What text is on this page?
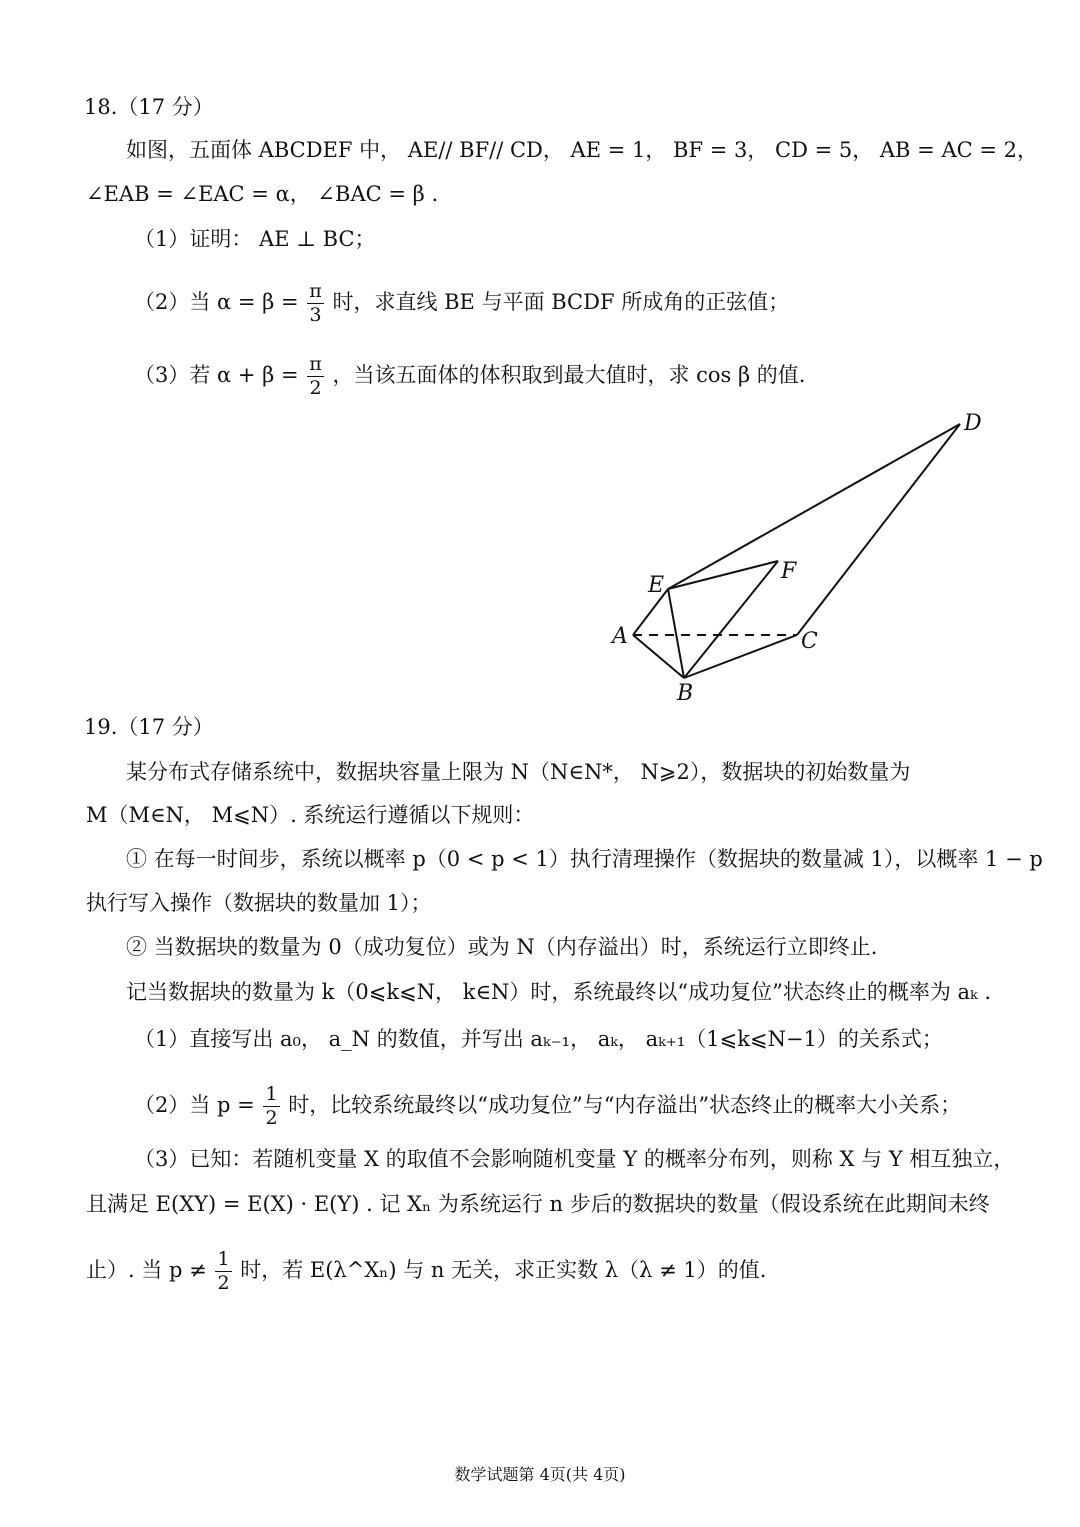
18.（17 分）
如图，五面体 ABCDEF 中， AE// BF// CD， AE = 1， BF = 3， CD = 5， AB = AC = 2，
∠EAB = ∠EAC = α， ∠BAC = β .
（1）证明： AE ⊥ BC；
（2）当 $\alpha = \beta = \frac{\pi}{3}$ 时，求直线 BE 与平面 BCDF 所成角的正弦值；
（3）若 $\alpha + \beta = \frac{\pi}{2}$ ，当该五面体的体积取到最大值时，求 cos β 的值.
D
F
E
A	C
B
19.（17 分）
某分布式存储系统中，数据块容量上限为 N（N∈N*， N⩾2），数据块的初始数量为
M（M∈N， M⩽N）. 系统运行遵循以下规则：
① 在每一时间步，系统以概率 p（0 < p < 1）执行清理操作（数据块的数量减 1），以概率 1 − p
执行写入操作（数据块的数量加 1）；
② 当数据块的数量为 0（成功复位）或为 N（内存溢出）时，系统运行立即终止.
记当数据块的数量为 k（0⩽k⩽N， k∈N）时，系统最终以“成功复位”状态终止的概率为 aₖ .
（1）直接写出 a₀， a_N 的数值，并写出 aₖ₋₁， aₖ， aₖ₊₁（1⩽k⩽N−1）的关系式；
（2）当 $p = \frac{1}{2}$ 时，比较系统最终以“成功复位”与“内存溢出”状态终止的概率大小关系；
（3）已知：若随机变量 X 的取值不会影响随机变量 Y 的概率分布列，则称 X 与 Y 相互独立，
且满足 E(XY) = E(X) · E(Y) . 记 Xₙ 为系统运行 n 步后的数据块的数量（假设系统在此期间未终
止）. 当 $p \ne \frac{1}{2}$ 时，若 E(λ^Xₙ) 与 n 无关，求正实数 λ（λ ≠ 1）的值.
数学试题第 4页(共 4页)
